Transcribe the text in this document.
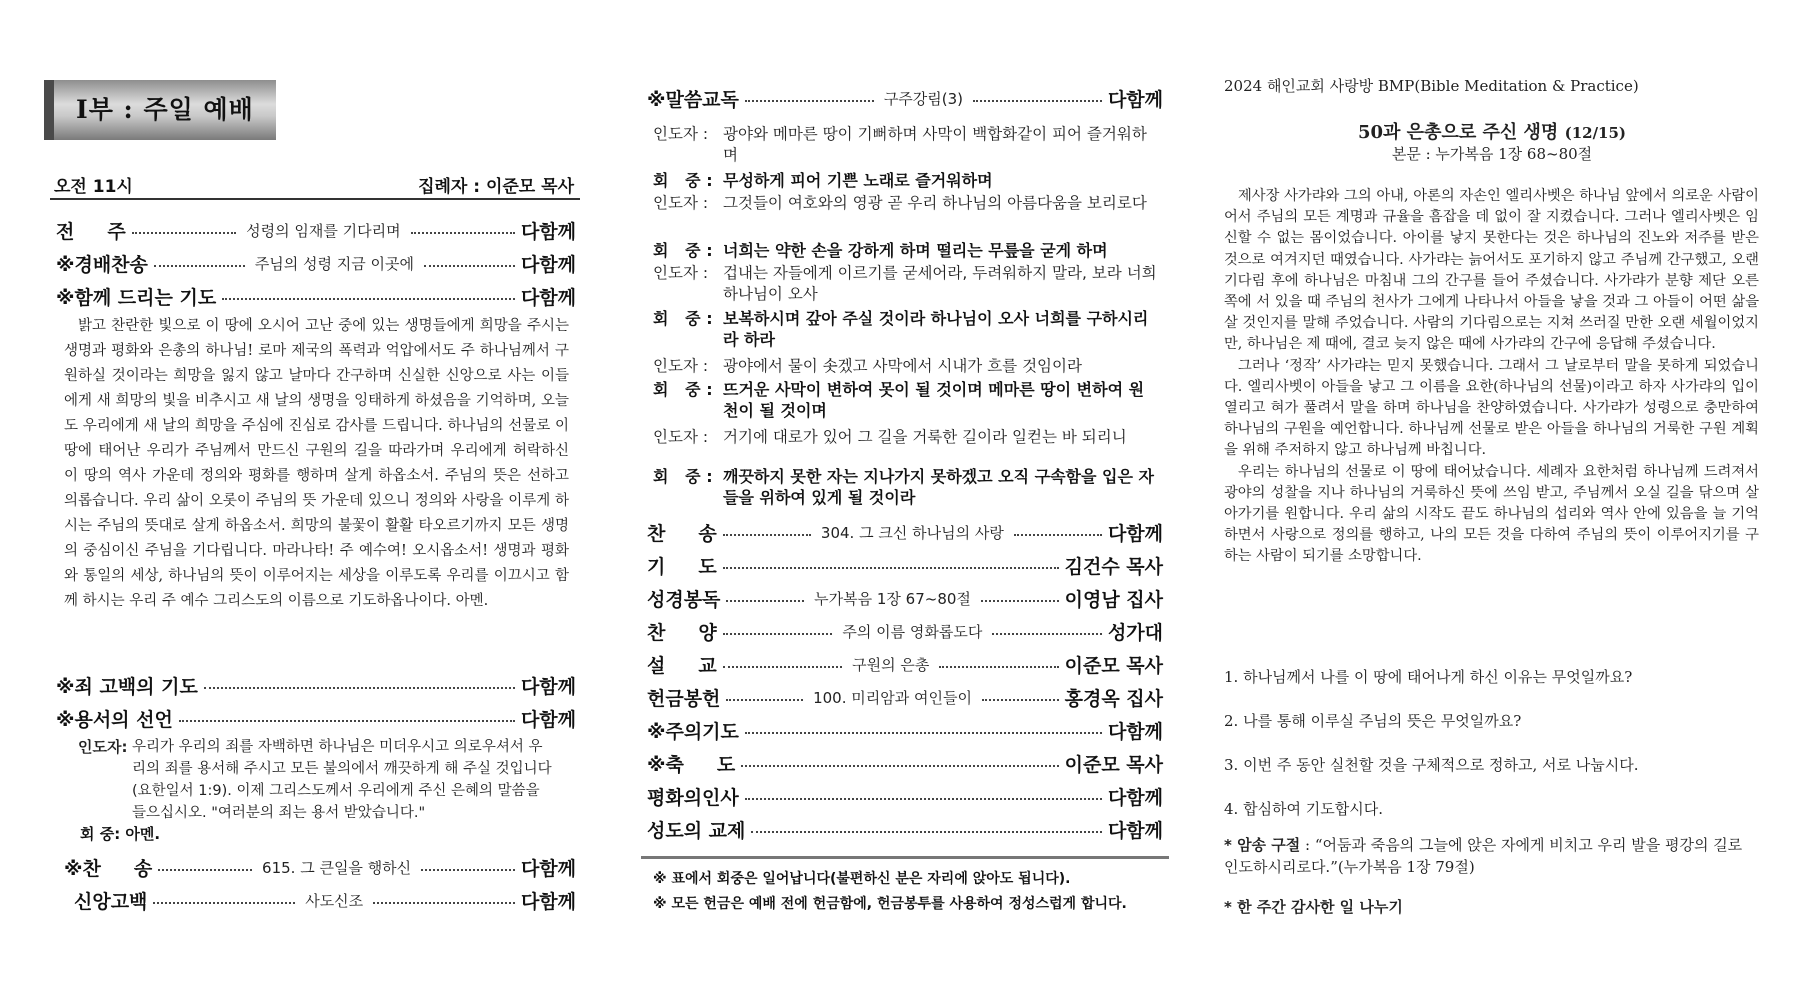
I부 : 주일 예배
오전 11시	집례자 : 이준모 목사
전     주	성령의 임재를 기다리며	다함께
※경배찬송	주님의 성령 지금 이곳에	다함께
※함께 드리는 기도	다함께
밝고 찬란한 빛으로 이 땅에 오시어 고난 중에 있는 생명들에게 희망을 주시는 생명과 평화와 은총의 하나님! 로마 제국의 폭력과 억압에서도 주 하나님께서 구원하실 것이라는 희망을 잃지 않고 날마다 간구하며 신실한 신앙으로 사는 이들에게 새 희망의 빛을 비추시고 새 날의 생명을 잉태하게 하셨음을 기억하며, 오늘도 우리에게 새 날의 희망을 주심에 진심로 감사를 드립니다. 하나님의 선물로 이 땅에 태어난 우리가 주님께서 만드신 구원의 길을 따라가며 우리에게 허락하신 이 땅의 역사 가운데 정의와 평화를 행하며 살게 하옵소서. 주님의 뜻은 선하고 의롭습니다. 우리 삶이 오롯이 주님의 뜻 가운데 있으니 정의와 사랑을 이루게 하시는 주님의 뜻대로 살게 하옵소서. 희망의 불꽃이 활활 타오르기까지 모든 생명의 중심이신 주님을 기다립니다. 마라나타! 주 예수여! 오시옵소서! 생명과 평화와 통일의 세상, 하나님의 뜻이 이루어지는 세상을 이루도록 우리를 이끄시고 함께 하시는 우리 주 예수 그리스도의 이름으로 기도하옵나이다. 아멘.
※죄 고백의 기도	다함께
※용서의 선언	다함께
인도자: 우리가 우리의 죄를 자백하면 하나님은 미더우시고 의로우셔서 우리의 죄를 용서해 주시고 모든 불의에서 깨끗하게 해 주실 것입니다(요한일서 1:9). 이제 그리스도께서 우리에게 주신 은혜의 말씀을 들으십시오. "여러분의 죄는 용서 받았습니다."
회 중: 아멘.
※찬     송	615. 그 큰일을 행하신	다함께
신앙고백	사도신조	다함께
※말씀교독	구주강림(3)	다함께
인도자 : 광야와 메마른 땅이 기뻐하며 사막이 백합화같이 피어 즐거워하며
회   중 : 무성하게 피어 기쁜 노래로 즐거워하며
인도자 : 그것들이 여호와의 영광 곧 우리 하나님의 아름다움을 보리로다
회   중 : 너희는 약한 손을 강하게 하며 떨리는 무릎을 굳게 하며
인도자 : 겁내는 자들에게 이르기를 굳세어라, 두려워하지 말라, 보라 너희 하나님이 오사
회   중 : 보복하시며 갚아 주실 것이라 하나님이 오사 너희를 구하시리라 하라
인도자 : 광야에서 물이 솟겠고 사막에서 시내가 흐를 것임이라
회   중 : 뜨거운 사막이 변하여 못이 될 것이며 메마른 땅이 변하여 원천이 될 것이며
인도자 : 거기에 대로가 있어 그 길을 거룩한 길이라 일컫는 바 되리니
회   중 : 깨끗하지 못한 자는 지나가지 못하겠고 오직 구속함을 입은 자들을 위하여 있게 될 것이라
찬     송	304. 그 크신 하나님의 사랑	다함께
기     도	김건수 목사
성경봉독	누가복음 1장 67~80절	이영남 집사
찬     양	주의 이름 영화롭도다	성가대
설     교	구원의 은총	이준모 목사
헌금봉헌	100. 미리암과 여인들이	홍경옥 집사
※주의기도	다함께
※축     도	이준모 목사
평화의인사	다함께
성도의 교제	다함께
※ 표에서 회중은 일어납니다(불편하신 분은 자리에 앉아도 됩니다).
※ 모든 헌금은 예배 전에 헌금함에, 헌금봉투를 사용하여 정성스럽게 합니다.
2024 해인교회 사랑방 BMP(Bible Meditation & Practice)
50과 은총으로 주신 생명 (12/15)
본문 : 누가복음 1장 68~80절

제사장 사가랴와 그의 아내, 아론의 자손인 엘리사벳은 하나님 앞에서 의로운 사람이어서 주님의 모든 계명과 규율을 흠잡을 데 없이 잘 지켰습니다. 그러나 엘리사벳은 임신할 수 없는 몸이었습니다. 아이를 낳지 못한다는 것은 하나님의 진노와 저주를 받은 것으로 여겨지던 때였습니다. 사가랴는 늙어서도 포기하지 않고 주님께 간구했고, 오랜 기다림 후에 하나님은 마침내 그의 간구를 들어 주셨습니다. 사가랴가 분향 제단 오른쪽에 서 있을 때 주님의 천사가 그에게 나타나서 아들을 낳을 것과 그 아들이 어떤 삶을 살 것인지를 말해 주었습니다. 사람의 기다림으로는 지쳐 쓰러질 만한 오랜 세월이었지만, 하나님은 제 때에, 결코 늦지 않은 때에 사가랴의 간구에 응답해 주셨습니다.

그러나 ‘정작’ 사가랴는 믿지 못했습니다. 그래서 그 날로부터 말을 못하게 되었습니다. 엘리사벳이 아들을 낳고 그 이름을 요한(하나님의 선물)이라고 하자 사가랴의 입이 열리고 혀가 풀려서 말을 하며 하나님을 찬양하였습니다. 사가랴가 성령으로 충만하여 하나님의 구원을 예언합니다. 하나님께 선물로 받은 아들을 하나님의 거룩한 구원 계획을 위해 주저하지 않고 하나님께 바칩니다.

우리는 하나님의 선물로 이 땅에 태어났습니다. 세례자 요한처럼 하나님께 드려져서 광야의 성찰을 지나 하나님의 거룩하신 뜻에 쓰임 받고, 주님께서 오실 길을 닦으며 살아가기를 원합니다. 우리 삶의 시작도 끝도 하나님의 섭리와 역사 안에 있음을 늘 기억하면서 사랑으로 정의를 행하고, 나의 모든 것을 다하여 주님의 뜻이 이루어지기를 구하는 사람이 되기를 소망합니다.

1. 하나님께서 나를 이 땅에 태어나게 하신 이유는 무엇일까요?
2. 나를 통해 이루실 주님의 뜻은 무엇일까요?
3. 이번 주 동안 실천할 것을 구체적으로 정하고, 서로 나눕시다.
4. 합심하여 기도합시다.
* 암송 구절 : “어둠과 죽음의 그늘에 앉은 자에게 비치고 우리 발을 평강의 길로 인도하시리로다.”(누가복음 1장 79절)
* 한 주간 감사한 일 나누기
